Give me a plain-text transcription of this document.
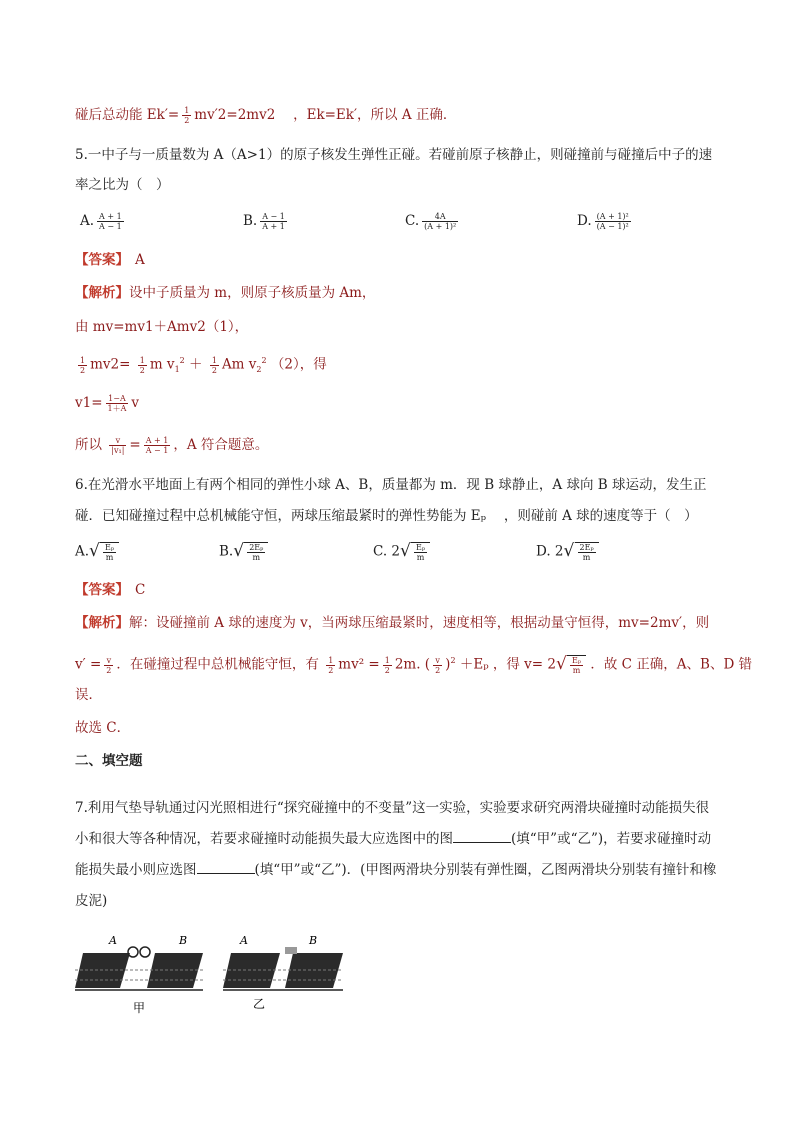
碰后总动能 $Ek'= \frac{1}{2} mv'2=2mv2$ 　，Ek=Ek′，所以 A 正确．
5.一中子与一质量数为 A（A>1）的原子核发生弹性正碰。若碰前原子核静止，则碰撞前与碰撞后中子的速
率之比为（　）
A. $\frac{A + 1}{A - 1}$	B. $\frac{A - 1}{A + 1}$	C. $\frac{4A}{\text{(A + 1)²}}$	D. $\frac{\text{(A + 1)²}}{\text{(A − 1)²}}$
【答案】 A
【解析】设中子质量为 m，则原子核质量为 Am，
由 mv=mv1＋Amv2（1），
$\frac{1}{2} mv2= \frac{1}{2}$ m $v_1^2 + \frac{1}{2}$ Am $v_2^2$ （2），得
$v1= \frac{1-A}{1+A}$ v
所以 $\frac{v}{\text{|v₁|}} = \frac{A + 1}{A - 1}$ ，A 符合题意。
6.在光滑水平地面上有两个相同的弹性小球 A、B，质量都为 m．现 B 球静止，A 球向 B 球运动，发生正
碰．已知碰撞过程中总机械能守恒，两球压缩最紧时的弹性势能为 Eₚ 　，则碰前 A 球的速度等于（　）
A. √ $\frac{\text{Eₚ}}{m}$	B. √ $\frac{\text{2Eₚ}}{m}$	C. 2 √ $\frac{\text{Eₚ}}{m}$	D. 2 √ $\frac{\text{2Eₚ}}{m}$
【答案】 C
【解析】解：设碰撞前 A 球的速度为 v，当两球压缩最紧时，速度相等，根据动量守恒得，mv=2mv′，则
$v' = \frac{v}{2}$ ．在碰撞过程中总机械能守恒，有 $\frac{1}{2} mv^2 = \frac{1}{2} 2m$. ( $\frac{v}{2} )^2 +E_p$ ，得 v= 2 √ $\frac{\text{Eₚ}}{m}$ ．故 C 正确，A、B、D 错
误．
故选 C．
二、填空题
7.利用气垫导轨通过闪光照相进行“探究碰撞中的不变量”这一实验，实验要求研究两滑块碰撞时动能损失很
小和很大等各种情况，若要求碰撞时动能损失最大应选图中的图	(填“甲”或“乙”)，若要求碰撞时动
能损失最小则应选图	(填“甲”或“乙”)．(甲图两滑块分别装有弹性圈，乙图两滑块分别装有撞针和橡
皮泥)
A	B
甲
A	B
乙
